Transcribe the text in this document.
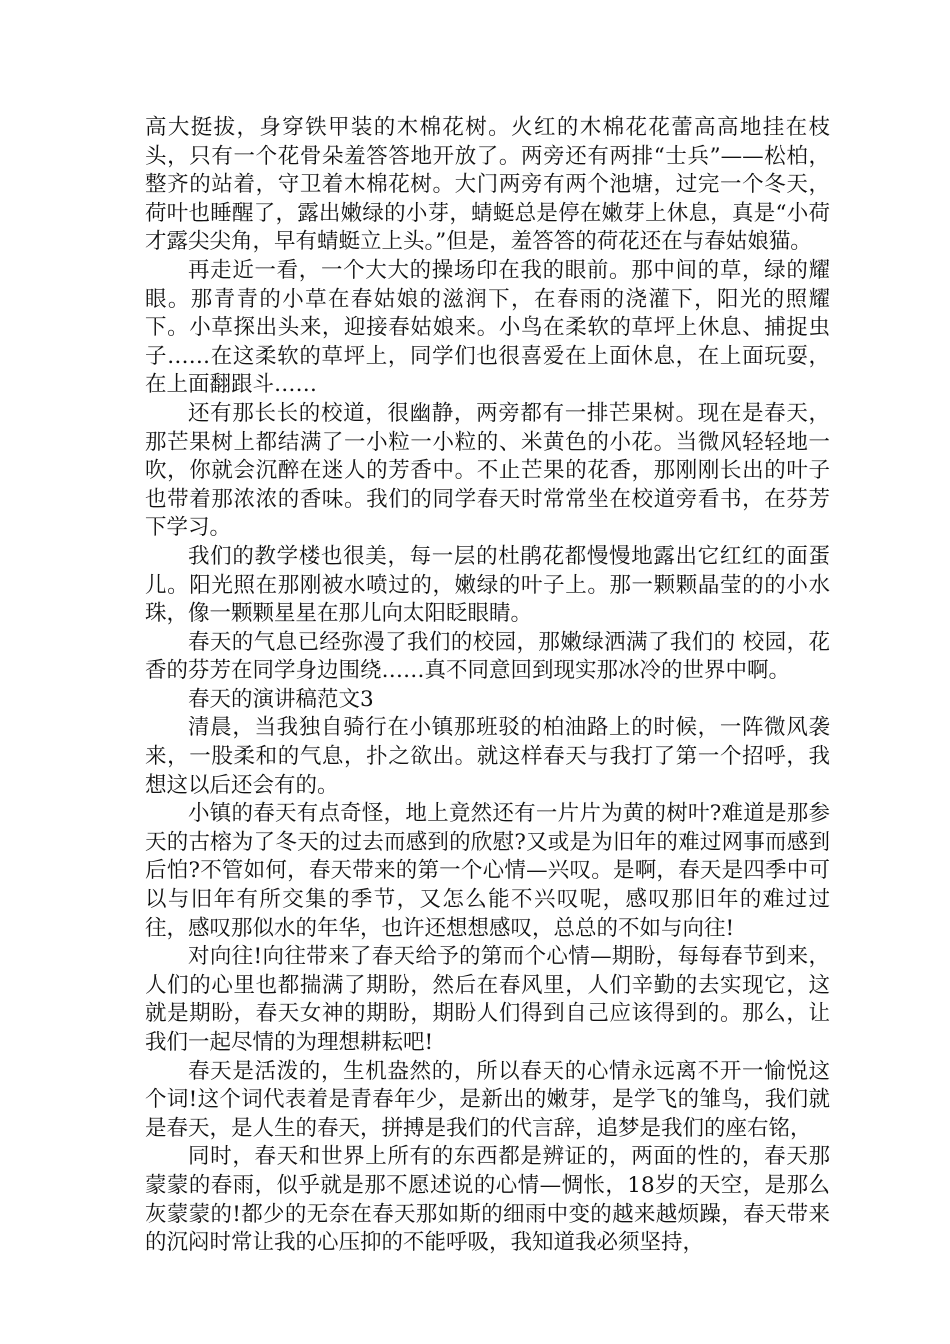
高大挺拔，身穿铁甲装的木棉花树。火红的木棉花花蕾高高地挂在枝头，只有一个花骨朵羞答答地开放了。两旁还有两排“士兵”——松柏，整齐的站着，守卫着木棉花树。大门两旁有两个池塘，过完一个冬天，荷叶也睡醒了，露出嫩绿的小芽，蜻蜓总是停在嫩芽上休息，真是“小荷才露尖尖角，早有蜻蜓立上头。”但是，羞答答的荷花还在与春姑娘猫。

再走近一看，一个大大的操场印在我的眼前。那中间的草，绿的耀眼。那青青的小草在春姑娘的滋润下，在春雨的浇灌下，阳光的照耀下。小草探出头来，迎接春姑娘来。小鸟在柔软的草坪上休息、捕捉虫子……在这柔软的草坪上，同学们也很喜爱在上面休息，在上面玩耍，在上面翻跟斗……

还有那长长的校道，很幽静，两旁都有一排芒果树。现在是春天，那芒果树上都结满了一小粒一小粒的、米黄色的小花。当微风轻轻地一吹，你就会沉醉在迷人的芳香中。不止芒果的花香，那刚刚长出的叶子也带着那浓浓的香味。我们的同学春天时常常坐在校道旁看书，在芬芳下学习。

我们的教学楼也很美，每一层的杜鹃花都慢慢地露出它红红的面蛋儿。阳光照在那刚被水喷过的，嫩绿的叶子上。那一颗颗晶莹的的小水珠，像一颗颗星星在那儿向太阳眨眼睛。

春天的气息已经弥漫了我们的校园，那嫩绿洒满了我们的 校园，花香的芬芳在同学身边围绕……真不同意回到现实那冰冷的世界中啊。

春天的演讲稿范文3

清晨，当我独自骑行在小镇那班驳的柏油路上的时候，一阵微风袭来，一股柔和的气息，扑之欲出。就这样春天与我打了第一个招呼，我想这以后还会有的。

小镇的春天有点奇怪，地上竟然还有一片片为黄的树叶?难道是那参天的古榕为了冬天的过去而感到的欣慰?又或是为旧年的难过网事而感到后怕?不管如何，春天带来的第一个心情—兴叹。是啊，春天是四季中可以与旧年有所交集的季节，又怎么能不兴叹呢，感叹那旧年的难过过往，感叹那似水的年华，也许还想想感叹，总总的不如与向往!

对向往!向往带来了春天给予的第而个心情—期盼，每每春节到来，人们的心里也都揣满了期盼，然后在春风里，人们辛勤的去实现它，这就是期盼，春天女神的期盼，期盼人们得到自己应该得到的。那么，让我们一起尽情的为理想耕耘吧!

春天是活泼的，生机盎然的，所以春天的心情永远离不开一愉悦这个词!这个词代表着是青春年少，是新出的嫩芽，是学飞的雏鸟，我们就是春天，是人生的春天，拼搏是我们的代言辞，追梦是我们的座右铭，

同时，春天和世界上所有的东西都是辨证的，两面的性的，春天那蒙蒙的春雨，似乎就是那不愿述说的心情—惆怅，18岁的天空，是那么灰蒙蒙的!都少的无奈在春天那如斯的细雨中变的越来越烦躁，春天带来的沉闷时常让我的心压抑的不能呼吸，我知道我必须坚持，
